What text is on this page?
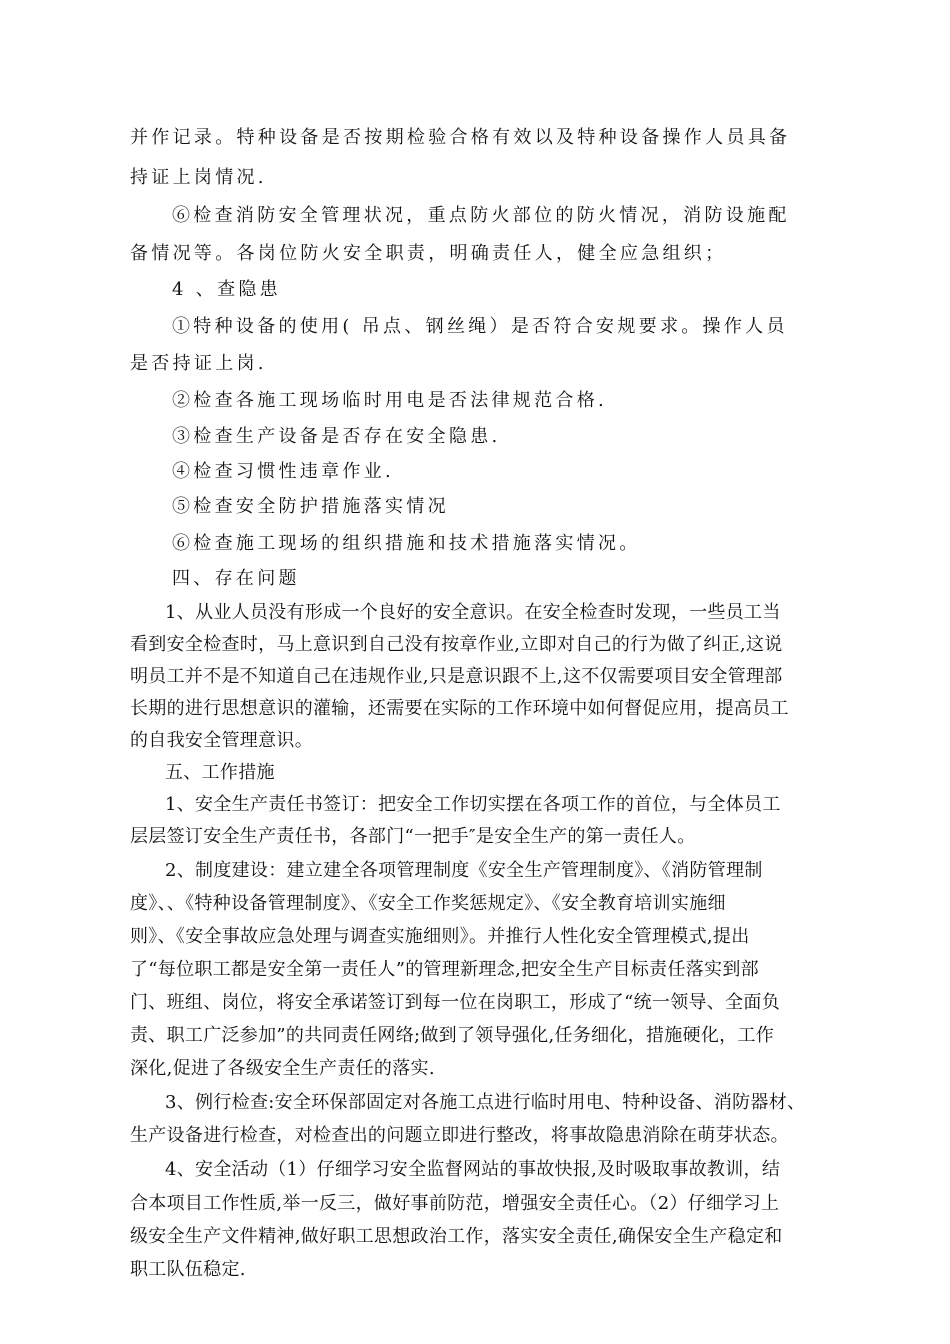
并作记录。特种设备是否按期检验合格有效以及特种设备操作人员具备

持证上岗情况.

⑥检查消防安全管理状况，重点防火部位的防火情况，消防设施配

备情况等。各岗位防火安全职责，明确责任人，健全应急组织；

4 、查隐患

①特种设备的使用( 吊点、钢丝绳）是否符合安规要求。操作人员

是否持证上岗.

②检查各施工现场临时用电是否法律规范合格.

③检查生产设备是否存在安全隐患.

④检查习惯性违章作业.

⑤检查安全防护措施落实情况

⑥检查施工现场的组织措施和技术措施落实情况。

四、存在问题

1、从业人员没有形成一个良好的安全意识。在安全检查时发现，一些员工当

看到安全检查时，马上意识到自己没有按章作业,立即对自己的行为做了纠正,这说

明员工并不是不知道自己在违规作业,只是意识跟不上,这不仅需要项目安全管理部

长期的进行思想意识的灌输，还需要在实际的工作环境中如何督促应用，提高员工

的自我安全管理意识。

五、工作措施

1、安全生产责任书签订：把安全工作切实摆在各项工作的首位，与全体员工

层层签订安全生产责任书，各部门“一把手″是安全生产的第一责任人。

2、制度建设：建立建全各项管理制度《安全生产管理制度》、《消防管理制

度》、、《特种设备管理制度》、《安全工作奖惩规定》、《安全教育培训实施细

则》、《安全事故应急处理与调查实施细则》。并推行人性化安全管理模式,提出

了“每位职工都是安全第一责任人”的管理新理念,把安全生产目标责任落实到部

门、班组、岗位，将安全承诺签订到每一位在岗职工，形成了“统一领导、全面负

责、职工广泛参加”的共同责任网络;做到了领导强化,任务细化，措施硬化，工作

深化,促进了各级安全生产责任的落实.

3、例行检查:安全环保部固定对各施工点进行临时用电、特种设备、消防器材、

生产设备进行检查，对检查出的问题立即进行整改，将事故隐患消除在萌芽状态。

4、安全活动（1）仔细学习安全监督网站的事故快报,及时吸取事故教训，结

合本项目工作性质,举一反三，做好事前防范，增强安全责任心。（2）仔细学习上

级安全生产文件精神,做好职工思想政治工作，落实安全责任,确保安全生产稳定和

职工队伍稳定.
